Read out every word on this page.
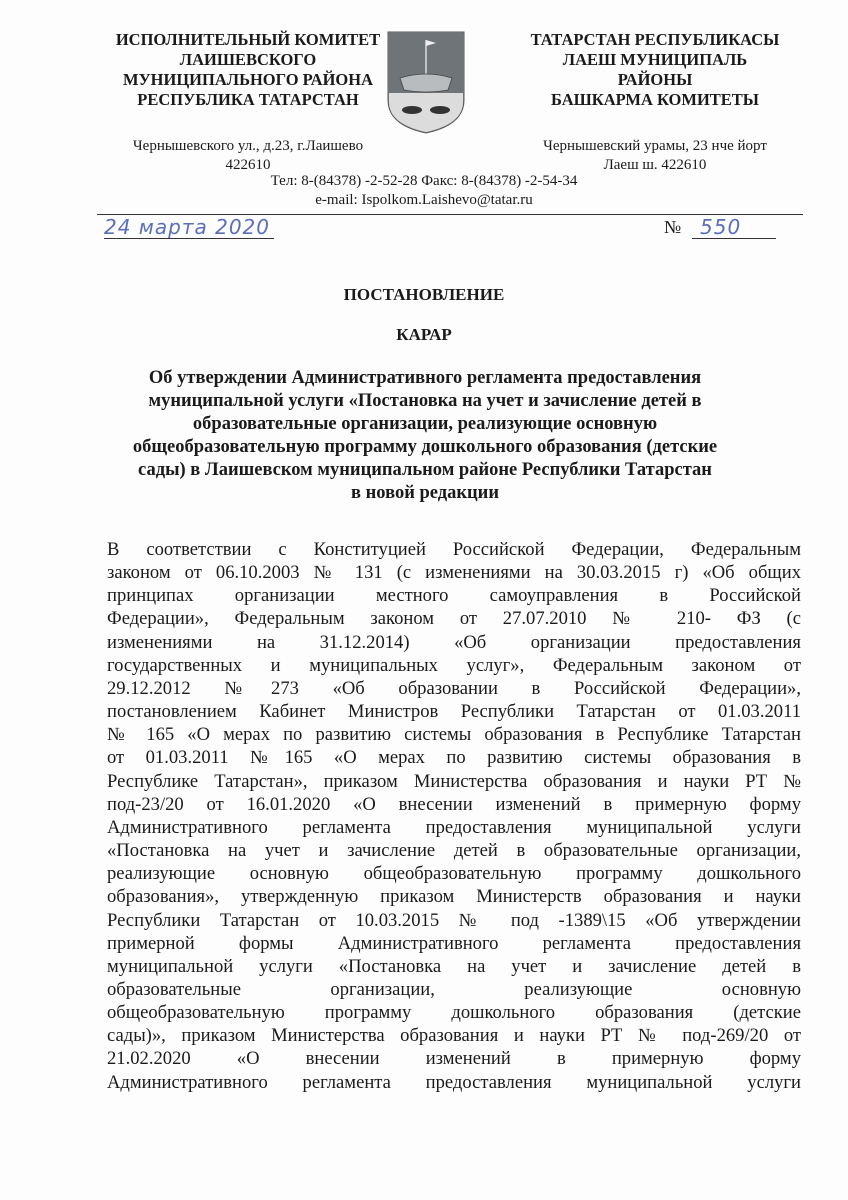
ИСПОЛНИТЕЛЬНЫЙ КОМИТЕТ
ЛАИШЕВСКОГО
МУНИЦИПАЛЬНОГО РАЙОНА
РЕСПУБЛИКА ТАТАРСТАН
ТАТАРСТАН РЕСПУБЛИКАСЫ
ЛАЕШ МУНИЦИПАЛЬ
РАЙОНЫ
БАШКАРМА КОМИТЕТЫ
Чернышевского ул., д.23, г.Лаишево
422610
Чернышевский урамы, 23 нче йорт
Лаеш ш. 422610
Тел: 8-(84378) -2-52-28 Факс: 8-(84378) -2-54-34
e-mail: Ispolkom.Laishevo@tatar.ru
24 марта 2020	№ 550
ПОСТАНОВЛЕНИЕ
КАРАР
Об утверждении Административного регламента предоставления
муниципальной услуги «Постановка на учет и зачисление детей в
образовательные организации, реализующие основную
общеобразовательную программу дошкольного образования (детские
сады) в Лаишевском муниципальном районе Республики Татарстан
в новой редакции
В соответствии с Конституцией Российской Федерации, Федеральным
законом от 06.10.2003 № 131 (с изменениями на 30.03.2015 г) «Об общих
принципах организации местного самоуправления в Российской
Федерации», Федеральным законом от 27.07.2010 № 210- ФЗ (с
изменениями на 31.12.2014) «Об организации предоставления
государственных и муниципальных услуг», Федеральным законом от
29.12.2012 №273 «Об образовании в Российской Федерации»,
постановлением Кабинет Министров Республики Татарстан от 01.03.2011
№ 165 «О мерах по развитию системы образования в Республике Татарстан
от 01.03.2011 №165 «О мерах по развитию системы образования в
Республике Татарстан», приказом Министерства образования и науки РТ №
под-23/20 от 16.01.2020 «О внесении изменений в примерную форму
Административного регламента предоставления муниципальной услуги
«Постановка на учет и зачисление детей в образовательные организации,
реализующие основную общеобразовательную программу дошкольного
образования», утвержденную приказом Министерств образования и науки
Республики Татарстан от 10.03.2015 № под -1389\15 «Об утверждении
примерной формы Административного регламента предоставления
муниципальной услуги «Постановка на учет и зачисление детей в
образовательные организации, реализующие основную
общеобразовательную программу дошкольного образования (детские
сады)», приказом Министерства образования и науки РТ № под-269/20 от
21.02.2020 «О внесении изменений в примерную форму
Административного регламента предоставления муниципальной услуги
